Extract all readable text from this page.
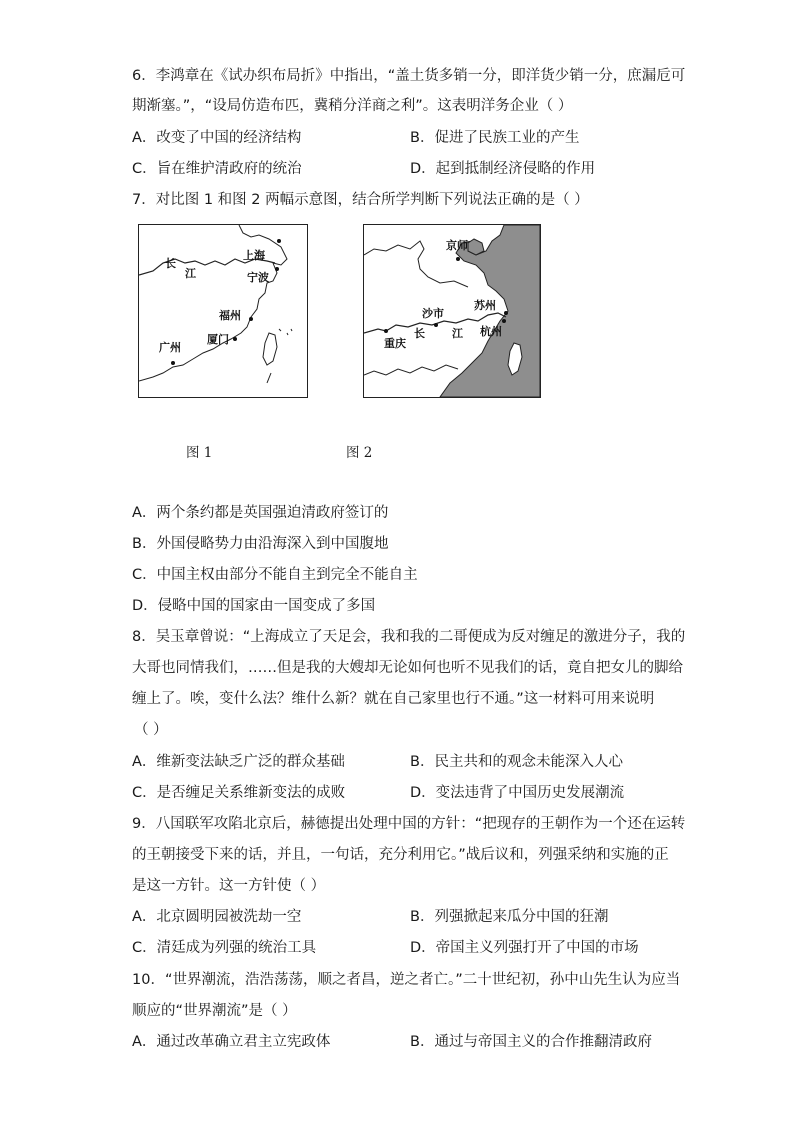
6．李鸿章在《试办织布局折》中指出，“盖土货多销一分，即洋货少销一分，庶漏卮可
期渐塞。”，“设局仿造布匹，冀稍分洋商之利”。这表明洋务企业（ ）
A．改变了中国的经济结构	B．促进了民族工业的产生
C．旨在维护清政府的统治	D．起到抵制经济侵略的作用
7．对比图 1 和图 2 两幅示意图，结合所学判断下列说法正确的是（ ）
长
江
上海
宁波
福州
厦门
广州
京师
苏州
沙市
杭州
重庆
长 江
图 1	图 2
A．两个条约都是英国强迫清政府签订的
B．外国侵略势力由沿海深入到中国腹地
C．中国主权由部分不能自主到完全不能自主
D．侵略中国的国家由一国变成了多国
8．吴玉章曾说：“上海成立了天足会，我和我的二哥便成为反对缠足的激进分子，我的
大哥也同情我们，……但是我的大嫂却无论如何也听不见我们的话，竟自把女儿的脚给
缠上了。唉，变什么法？维什么新？就在自己家里也行不通。”这一材料可用来说明
（ ）
A．维新变法缺乏广泛的群众基础	B．民主共和的观念未能深入人心
C．是否缠足关系维新变法的成败	D．变法违背了中国历史发展潮流
9．八国联军攻陷北京后，赫德提出处理中国的方针：“把现存的王朝作为一个还在运转
的王朝接受下来的话，并且，一句话，充分利用它。”战后议和，列强采纳和实施的正
是这一方针。这一方针使（ ）
A．北京圆明园被洗劫一空	B．列强掀起来瓜分中国的狂潮
C．清廷成为列强的统治工具	D．帝国主义列强打开了中国的市场
10．“世界潮流，浩浩荡荡，顺之者昌，逆之者亡。”二十世纪初，孙中山先生认为应当
顺应的“世界潮流”是（ ）
A．通过改革确立君主立宪政体	B．通过与帝国主义的合作推翻清政府
